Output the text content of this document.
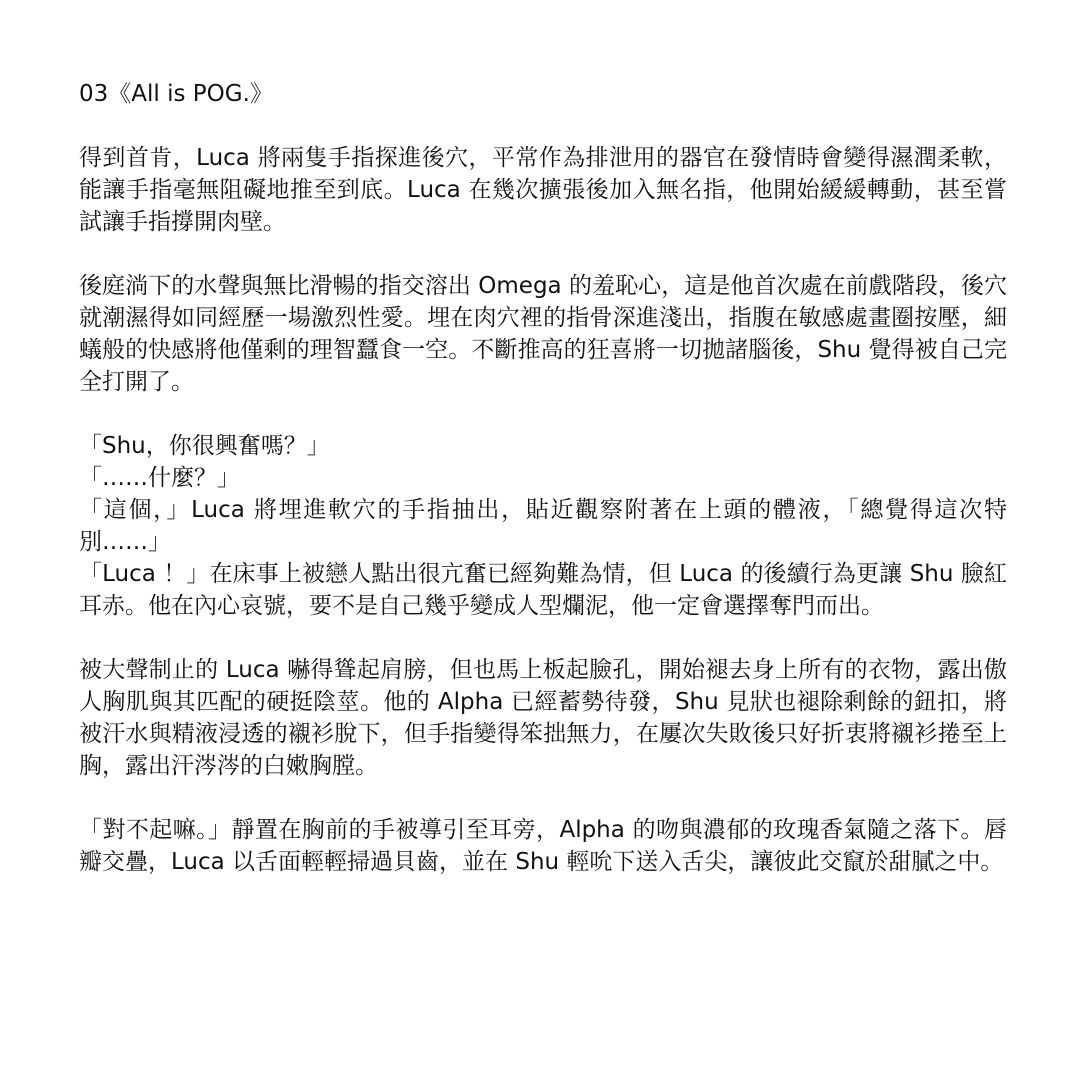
03《All is POG.》

得到首肯，Luca 將兩隻手指探進後穴，平常作為排泄用的器官在發情時會變得濕潤柔軟，能讓手指毫無阻礙地推至到底。Luca 在幾次擴張後加入無名指，他開始緩緩轉動，甚至嘗試讓手指撐開肉壁。

後庭淌下的水聲與無比滑暢的指交溶出 Omega 的羞恥心，這是他首次處在前戲階段，後穴就潮濕得如同經歷一場激烈性愛。埋在肉穴裡的指骨深進淺出，指腹在敏感處畫圈按壓，細蟻般的快感將他僅剩的理智蠶食一空。不斷推高的狂喜將一切拋諸腦後，Shu 覺得被自己完全打開了。

「Shu，你很興奮嗎？」

「……什麼？」

「這個，」Luca 將埋進軟穴的手指抽出，貼近觀察附著在上頭的體液，「總覺得這次特別……」

「Luca ！」在床事上被戀人點出很亢奮已經夠難為情，但 Luca 的後續行為更讓 Shu 臉紅耳赤。他在內心哀號，要不是自己幾乎變成人型爛泥，他一定會選擇奪門而出。

被大聲制止的 Luca 嚇得聳起肩膀，但也馬上板起臉孔，開始褪去身上所有的衣物，露出傲人胸肌與其匹配的硬挺陰莖。他的 Alpha 已經蓄勢待發，Shu 見狀也褪除剩餘的鈕扣，將被汗水與精液浸透的襯衫脫下，但手指變得笨拙無力，在屢次失敗後只好折衷將襯衫捲至上胸，露出汗涔涔的白嫩胸膛。

「對不起嘛。」靜置在胸前的手被導引至耳旁，Alpha 的吻與濃郁的玫瑰香氣隨之落下。唇瓣交疊，Luca 以舌面輕輕掃過貝齒，並在 Shu 輕吮下送入舌尖，讓彼此交竄於甜膩之中。
